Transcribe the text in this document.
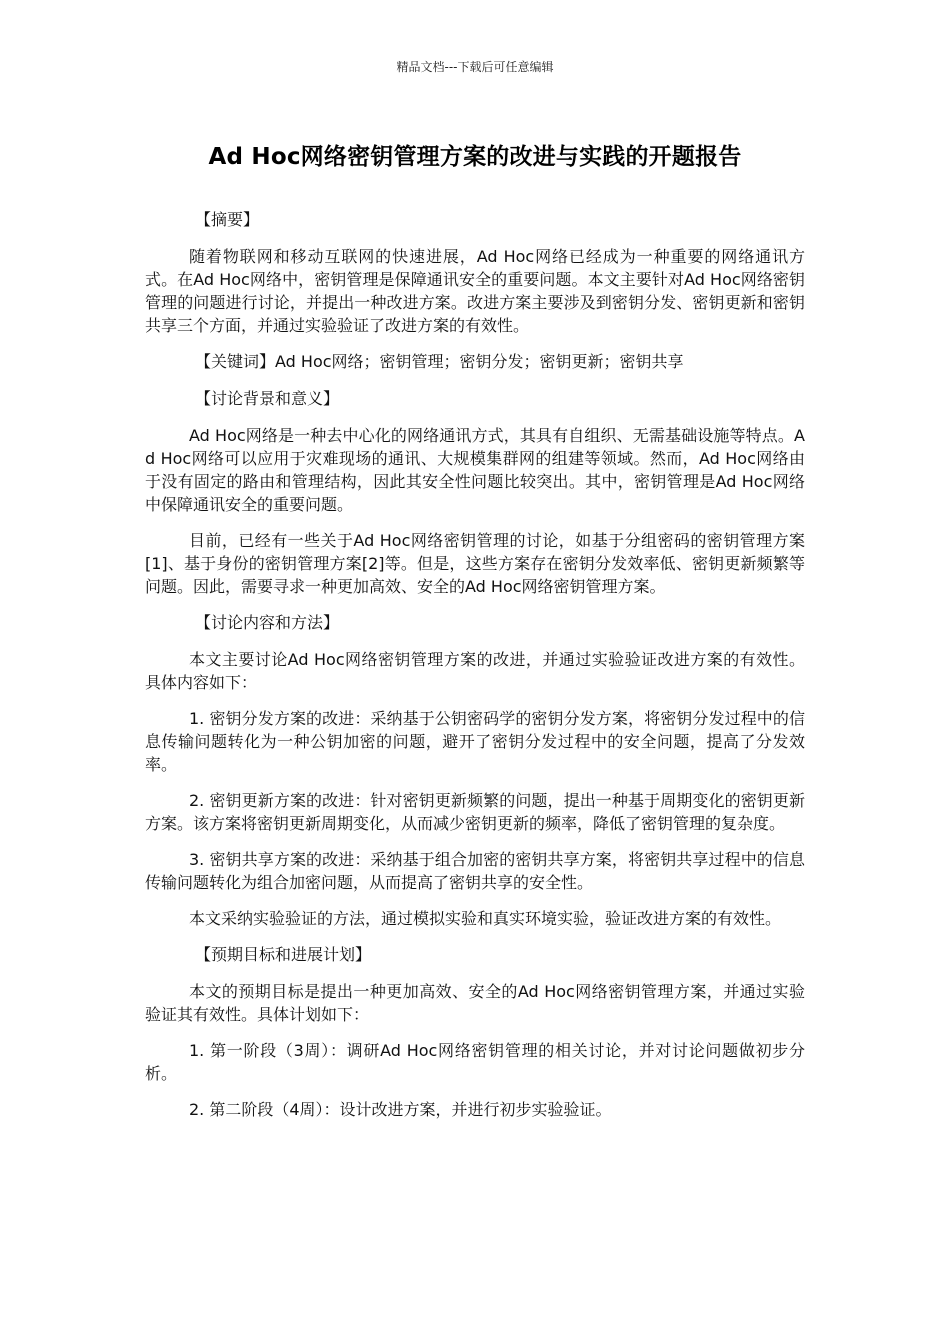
精品文档---下载后可任意编辑
Ad Hoc网络密钥管理方案的改进与实践的开题报告
【摘要】

随着物联网和移动互联网的快速进展，Ad Hoc网络已经成为一种重要的网络通讯方式。在Ad Hoc网络中，密钥管理是保障通讯安全的重要问题。本文主要针对Ad Hoc网络密钥管理的问题进行讨论，并提出一种改进方案。改进方案主要涉及到密钥分发、密钥更新和密钥共享三个方面，并通过实验验证了改进方案的有效性。

【关键词】Ad Hoc网络；密钥管理；密钥分发；密钥更新；密钥共享
【讨论背景和意义】

Ad Hoc网络是一种去中心化的网络通讯方式，其具有自组织、无需基础设施等特点。Ad Hoc网络可以应用于灾难现场的通讯、大规模集群网的组建等领域。然而，Ad Hoc网络由于没有固定的路由和管理结构，因此其安全性问题比较突出。其中，密钥管理是Ad Hoc网络中保障通讯安全的重要问题。

目前，已经有一些关于Ad Hoc网络密钥管理的讨论，如基于分组密码的密钥管理方案[1]、基于身份的密钥管理方案[2]等。但是，这些方案存在密钥分发效率低、密钥更新频繁等问题。因此，需要寻求一种更加高效、安全的Ad Hoc网络密钥管理方案。

【讨论内容和方法】

本文主要讨论Ad Hoc网络密钥管理方案的改进，并通过实验验证改进方案的有效性。具体内容如下：

1. 密钥分发方案的改进：采纳基于公钥密码学的密钥分发方案，将密钥分发过程中的信息传输问题转化为一种公钥加密的问题，避开了密钥分发过程中的安全问题，提高了分发效率。

2. 密钥更新方案的改进：针对密钥更新频繁的问题，提出一种基于周期变化的密钥更新方案。该方案将密钥更新周期变化，从而减少密钥更新的频率，降低了密钥管理的复杂度。

3. 密钥共享方案的改进：采纳基于组合加密的密钥共享方案，将密钥共享过程中的信息传输问题转化为组合加密问题，从而提高了密钥共享的安全性。

本文采纳实验验证的方法，通过模拟实验和真实环境实验，验证改进方案的有效性。

【预期目标和进展计划】

本文的预期目标是提出一种更加高效、安全的Ad Hoc网络密钥管理方案，并通过实验验证其有效性。具体计划如下：

1. 第一阶段（3周）：调研Ad Hoc网络密钥管理的相关讨论，并对讨论问题做初步分析。

2. 第二阶段（4周）：设计改进方案，并进行初步实验验证。
